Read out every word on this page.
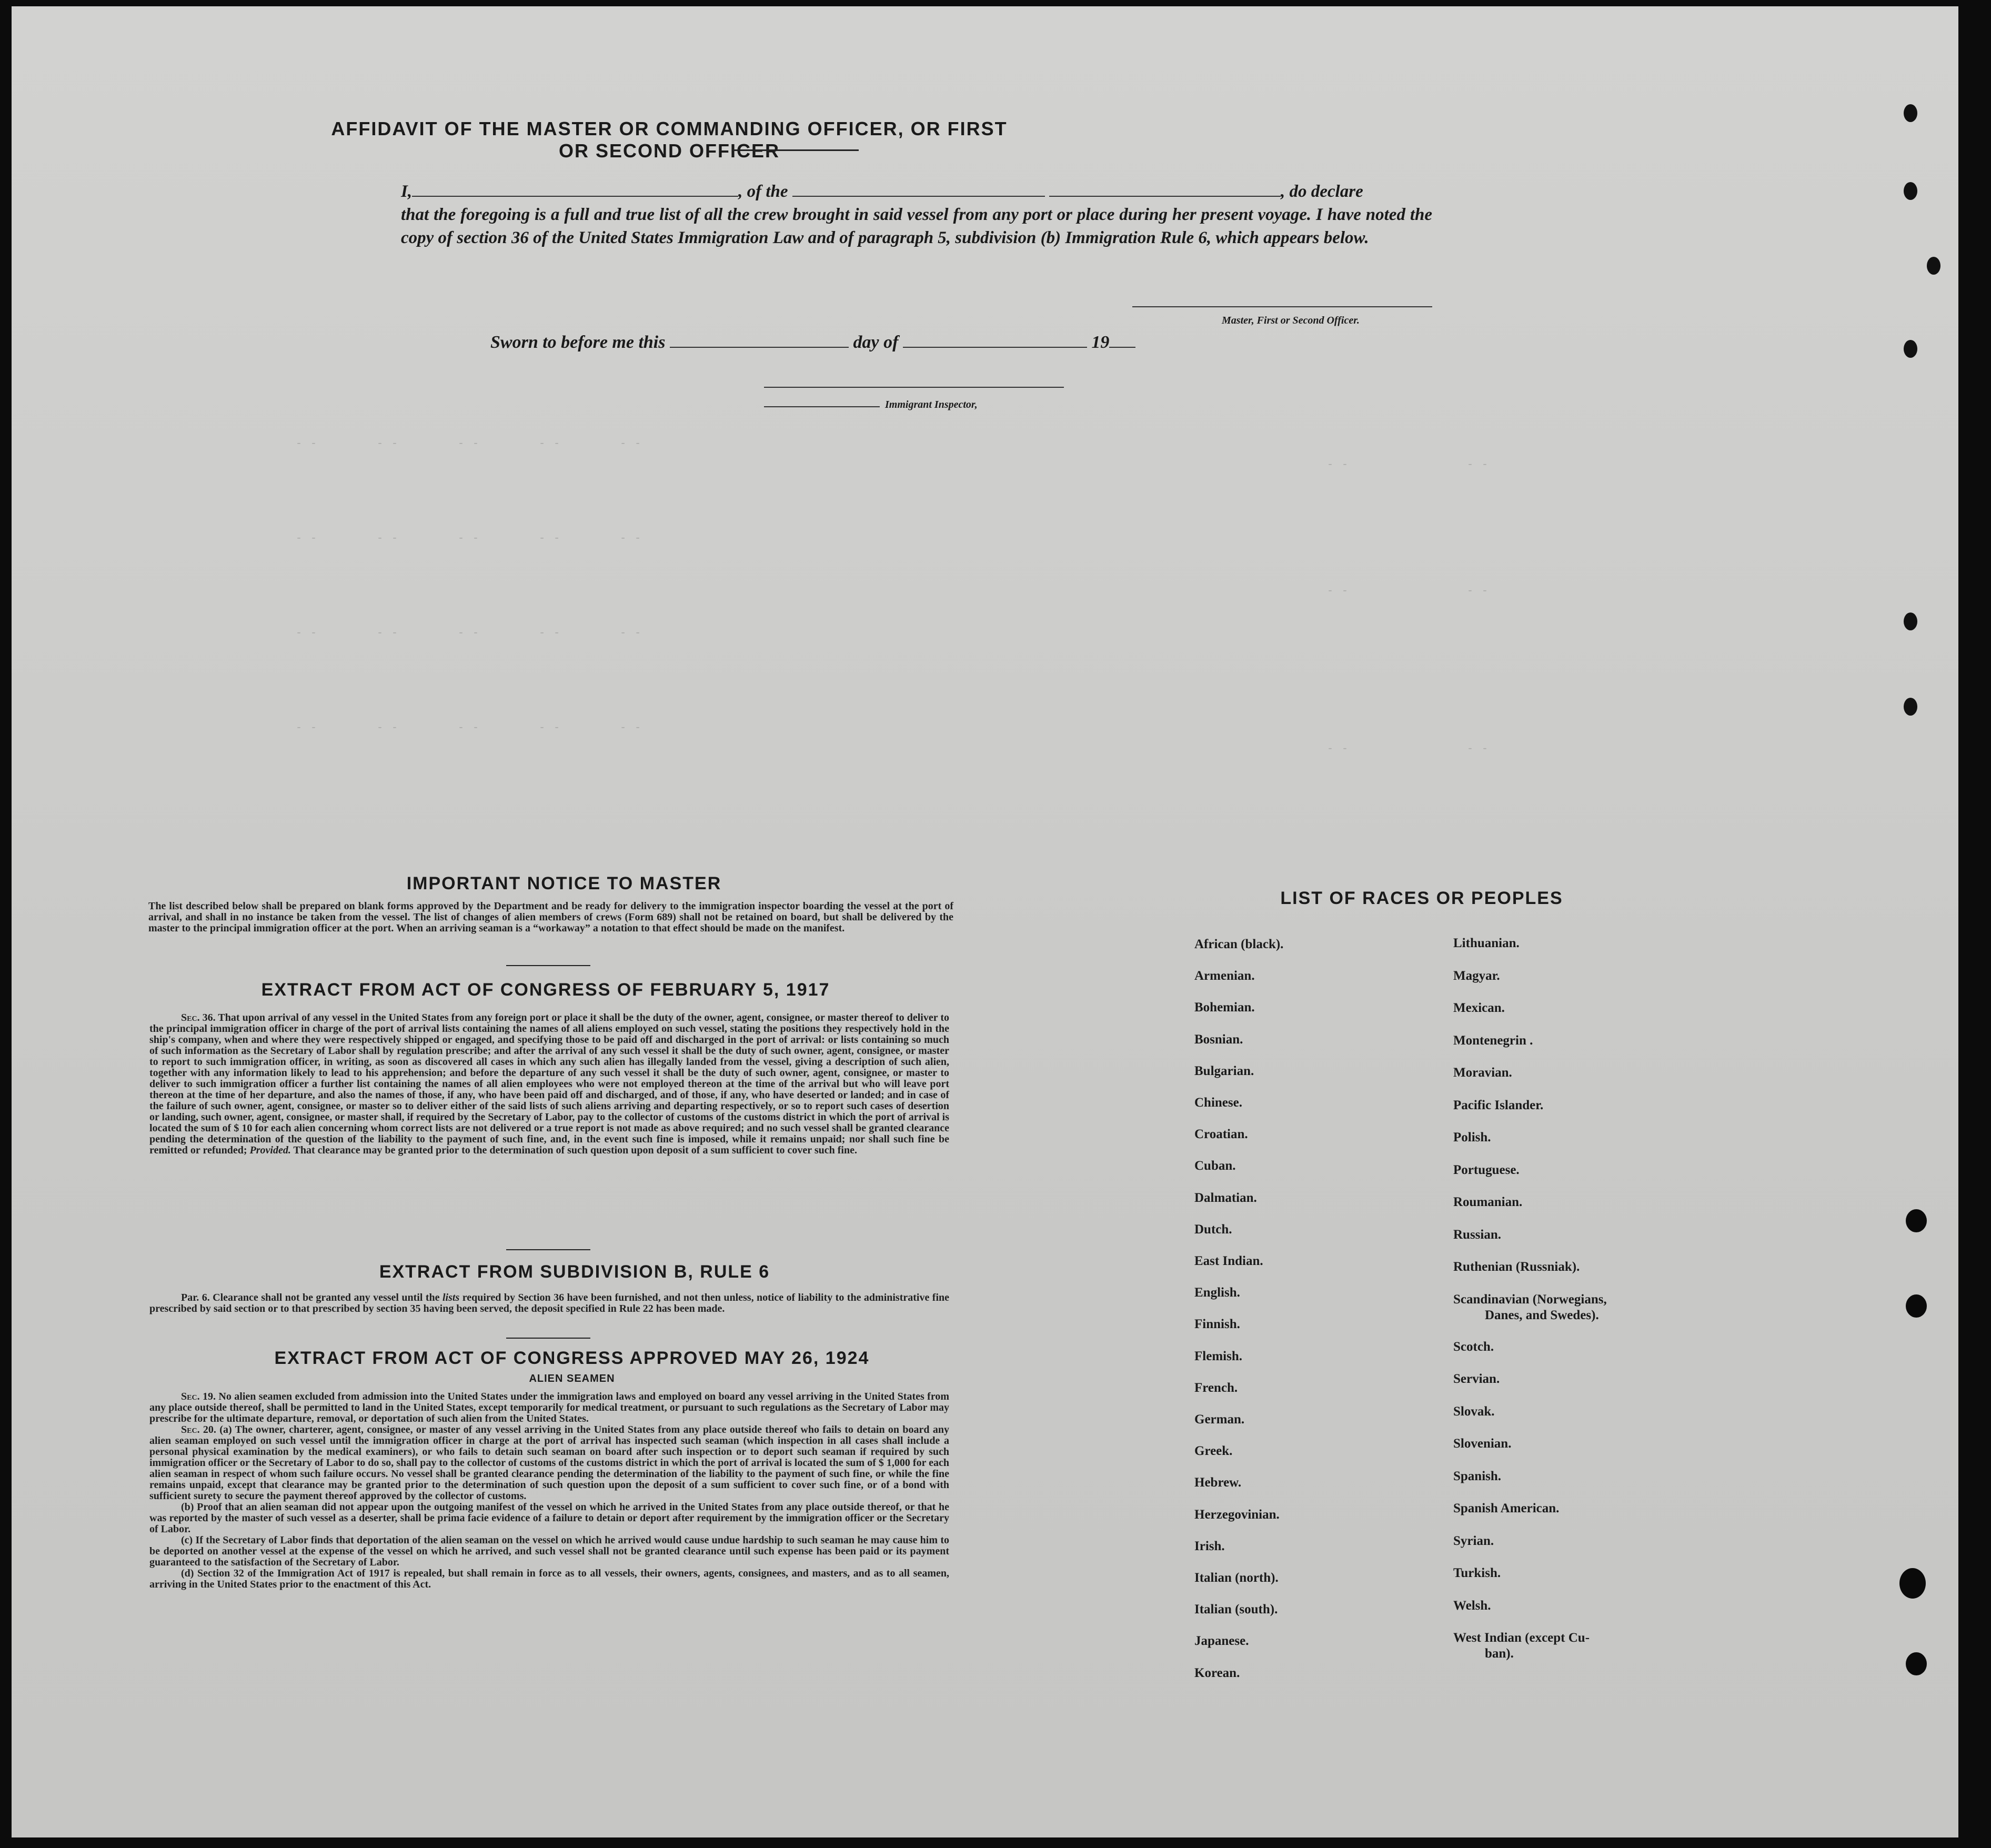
- -        - -        - -        - -        - -
- -        - -        - -        - -        - -
- -        - -        - -        - -        - -
- -        - -        - -        - -        - -
- -                - -
- -                - -
- -                - -
AFFIDAVIT OF THE MASTER OR COMMANDING OFFICER, OR FIRST OR SECOND OFFICER
I,	, of the	, do declare
that the foregoing is a full and true list of all the crew brought in said vessel from any port or place during her present voyage. I have noted the copy of section 36 of the United States Immigration Law and of paragraph 5, subdivision (b) Immigration Rule 6, which appears below.
Master, First or Second Officer.
Sworn to before me this	day of	19
Immigrant Inspector,
IMPORTANT NOTICE TO MASTER
The list described below shall be prepared on blank forms approved by the Department and be ready for delivery to the immigration inspector boarding the vessel at the port of arrival, and shall in no instance be taken from the vessel. The list of changes of alien members of crews (Form 689) shall not be retained on board, but shall be delivered by the master to the principal immigration officer at the port. When an arriving seaman is a “workaway” a notation to that effect should be made on the manifest.
EXTRACT FROM ACT OF CONGRESS OF FEBRUARY 5, 1917
Sec. 36. That upon arrival of any vessel in the United States from any foreign port or place it shall be the duty of the owner, agent, consignee, or master thereof to deliver to the principal immigration officer in charge of the port of arrival lists containing the names of all aliens employed on such vessel, stating the positions they respectively hold in the ship's company, when and where they were respectively shipped or engaged, and specifying those to be paid off and discharged in the port of arrival: or lists containing so much of such information as the Secretary of Labor shall by regulation prescribe; and after the arrival of any such vessel it shall be the duty of such owner, agent, consignee, or master to report to such immigration officer, in writing, as soon as discovered all cases in which any such alien has illegally landed from the vessel, giving a description of such alien, together with any information likely to lead to his apprehension; and before the departure of any such vessel it shall be the duty of such owner, agent, consignee, or master to deliver to such immigration officer a further list containing the names of all alien employees who were not employed thereon at the time of the arrival but who will leave port thereon at the time of her departure, and also the names of those, if any, who have been paid off and discharged, and of those, if any, who have deserted or landed; and in case of the failure of such owner, agent, consignee, or master so to deliver either of the said lists of such aliens arriving and departing respectively, or so to report such cases of desertion or landing, such owner, agent, consignee, or master shall, if required by the Secretary of Labor, pay to the collector of customs of the customs district in which the port of arrival is located the sum of $ 10 for each alien concerning whom correct lists are not delivered or a true report is not made as above required; and no such vessel shall be granted clearance pending the determination of the question of the liability to the payment of such fine, and, in the event such fine is imposed, while it remains unpaid; nor shall such fine be remitted or refunded; Provided. That clearance may be granted prior to the determination of such question upon deposit of a sum sufficient to cover such fine.
EXTRACT FROM SUBDIVISION B, RULE 6
Par. 6. Clearance shall not be granted any vessel until the lists required by Section 36 have been furnished, and not then unless, notice of liability to the administrative fine prescribed by said section or to that prescribed by section 35 having been served, the deposit specified in Rule 22 has been made.
EXTRACT FROM ACT OF CONGRESS APPROVED MAY 26, 1924
ALIEN SEAMEN
Sec. 19. No alien seamen excluded from admission into the United States under the immigration laws and employed on board any vessel arriving in the United States from any place outside thereof, shall be permitted to land in the United States, except temporarily for medical treatment, or pursuant to such regulations as the Secretary of Labor may prescribe for the ultimate departure, removal, or deportation of such alien from the United States.
Sec. 20. (a) The owner, charterer, agent, consignee, or master of any vessel arriving in the United States from any place outside thereof who fails to detain on board any alien seaman employed on such vessel until the immigration officer in charge at the port of arrival has inspected such seaman (which inspection in all cases shall include a personal physical examination by the medical examiners), or who fails to detain such seaman on board after such inspection or to deport such seaman if required by such immigration officer or the Secretary of Labor to do so, shall pay to the collector of customs of the customs district in which the port of arrival is located the sum of $ 1,000 for each alien seaman in respect of whom such failure occurs. No vessel shall be granted clearance pending the determination of the liability to the payment of such fine, or while the fine remains unpaid, except that clearance may be granted prior to the determination of such question upon the deposit of a sum sufficient to cover such fine, or of a bond with sufficient surety to secure the payment thereof approved by the collector of customs.
(b) Proof that an alien seaman did not appear upon the outgoing manifest of the vessel on which he arrived in the United States from any place outside thereof, or that he was reported by the master of such vessel as a deserter, shall be prima facie evidence of a failure to detain or deport after requirement by the immigration officer or the Secretary of Labor.
(c) If the Secretary of Labor finds that deportation of the alien seaman on the vessel on which he arrived would cause undue hardship to such seaman he may cause him to be deported on another vessel at the expense of the vessel on which he arrived, and such vessel shall not be granted clearance until such expense has been paid or its payment guaranteed to the satisfaction of the Secretary of Labor.
(d) Section 32 of the Immigration Act of 1917 is repealed, but shall remain in force as to all vessels, their owners, agents, consignees, and masters, and as to all seamen, arriving in the United States prior to the enactment of this Act.
LIST OF RACES OR PEOPLES
African (black).
Armenian.
Bohemian.
Bosnian.
Bulgarian.
Chinese.
Croatian.
Cuban.
Dalmatian.
Dutch.
East Indian.
English.
Finnish.
Flemish.
French.
German.
Greek.
Hebrew.
Herzegovinian.
Irish.
Italian (north).
Italian (south).
Japanese.
Korean.
Lithuanian.
Magyar.
Mexican.
Montenegrin .
Moravian.
Pacific Islander.
Polish.
Portuguese.
Roumanian.
Russian.
Ruthenian (Russniak).
Scandinavian (Norwegians,
Danes, and Swedes).
Scotch.
Servian.
Slovak.
Slovenian.
Spanish.
Spanish American.
Syrian.
Turkish.
Welsh.
West Indian (except Cu-
ban).
